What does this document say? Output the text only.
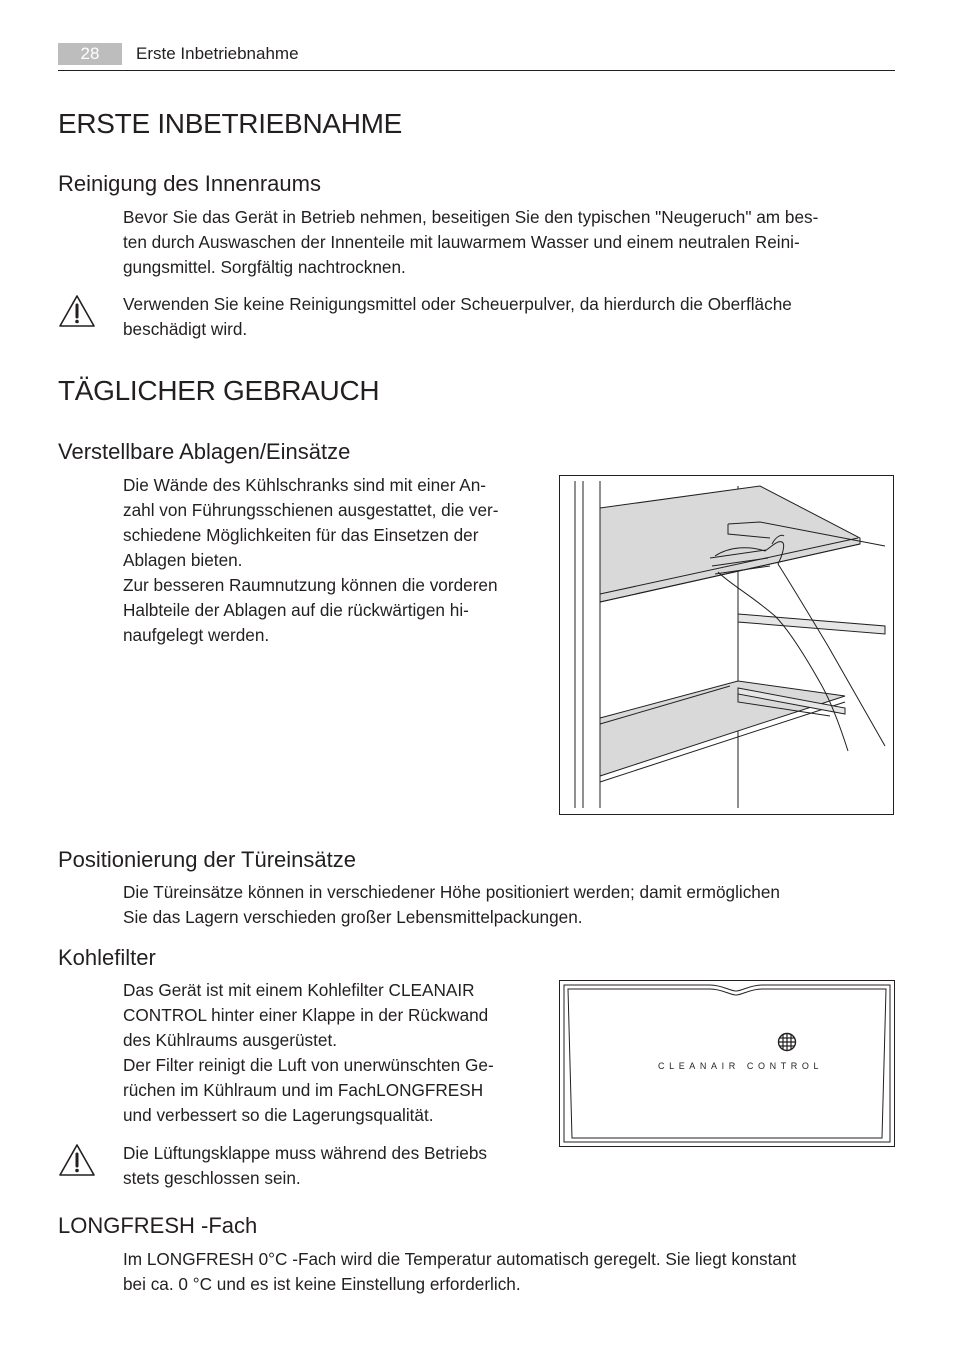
28	Erste Inbetriebnahme
ERSTE INBETRIEBNAHME
Reinigung des Innenraums

Bevor Sie das Gerät in Betrieb nehmen, beseitigen Sie den typischen "Neugeruch" am bes-

ten durch Auswaschen der Innenteile mit lauwarmem Wasser und einem neutralen Reini-

gungsmittel. Sorgfältig nachtrocknen.

Verwenden Sie keine Reinigungsmittel oder Scheuerpulver, da hierdurch die Oberfläche

beschädigt wird.

TÄGLICHER GEBRAUCH
Verstellbare Ablagen/Einsätze

Die Wände des Kühlschranks sind mit einer An-

zahl von Führungsschienen ausgestattet, die ver-

schiedene Möglichkeiten für das Einsetzen der

Ablagen bieten.

Zur besseren Raumnutzung können die vorderen

Halbteile der Ablagen auf die rückwärtigen hi-

naufgelegt werden.

Positionierung der Türeinsätze

Die Türeinsätze können in verschiedener Höhe positioniert werden; damit ermöglichen

Sie das Lagern verschieden großer Lebensmittelpackungen.

Kohlefilter

Das Gerät ist mit einem Kohlefilter CLEANAIR

CONTROL hinter einer Klappe in der Rückwand

des Kühlraums ausgerüstet.

Der Filter reinigt die Luft von unerwünschten Ge-

rüchen im Kühlraum und im FachLONGFRESH

und verbessert so die Lagerungsqualität.

CLEANAIR CONTROL

Die Lüftungsklappe muss während des Betriebs

stets geschlossen sein.

LONGFRESH -Fach

Im LONGFRESH 0°C -Fach wird die Temperatur automatisch geregelt. Sie liegt konstant

bei ca. 0 °C und es ist keine Einstellung erforderlich.
